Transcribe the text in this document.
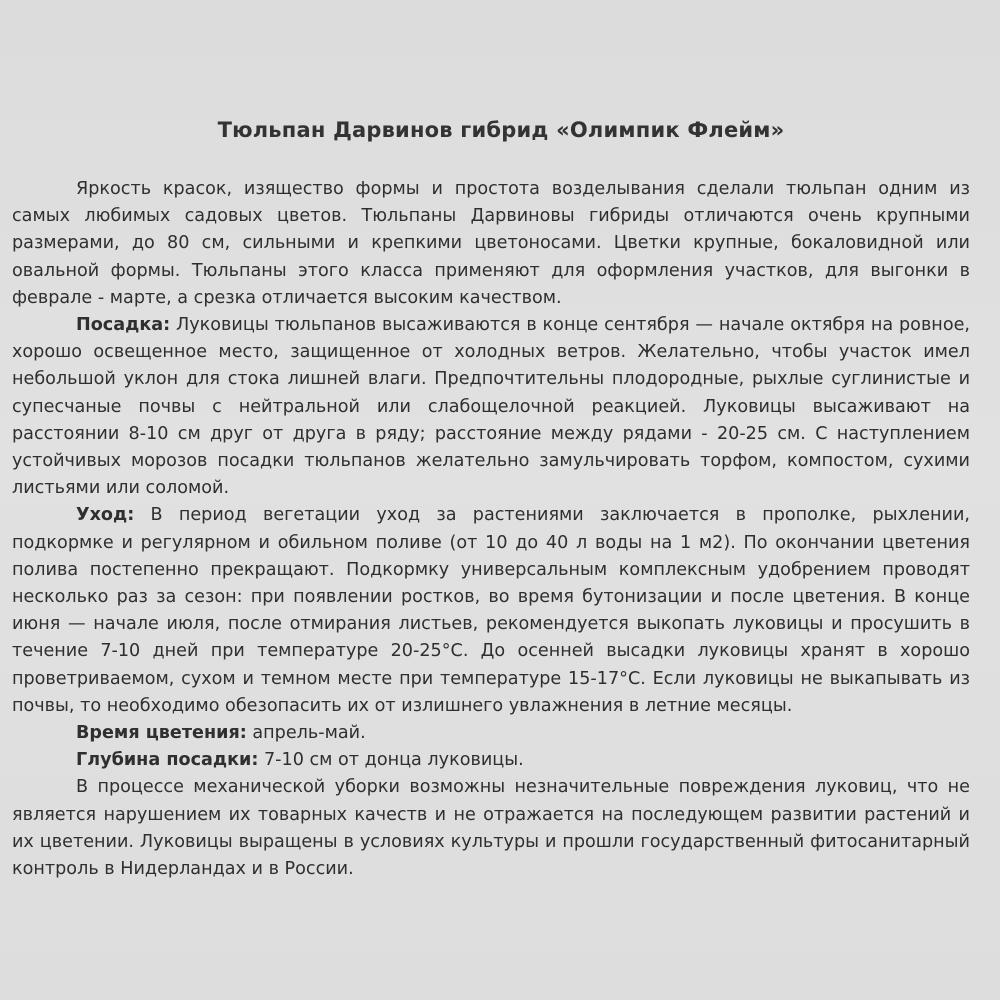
Тюльпан Дарвинов гибрид «Олимпик Флейм»

Яркость красок, изящество формы и простота возделывания сделали тюльпан одним из самых любимых садовых цветов. Тюльпаны Дарвиновы гибриды отличаются очень крупными размерами, до 80 см, сильными и крепкими цветоносами. Цветки крупные, бокаловидной или овальной формы. Тюльпаны этого класса применяют для оформления участков, для выгонки в феврале - марте, а срезка отличается высоким качеством.

Посадка: Луковицы тюльпанов высаживаются в конце сентября — начале октября на ровное, хорошо освещенное место, защищенное от холодных ветров. Желательно, чтобы участок имел небольшой уклон для стока лишней влаги. Предпочтительны плодородные, рыхлые суглинистые и супесчаные почвы с нейтральной или слабощелочной реакцией. Луковицы высаживают на расстоянии 8-10 см друг от друга в ряду; расстояние между рядами - 20-25 см. С наступлением устойчивых морозов посадки тюльпанов желательно замульчировать торфом, компостом, сухими листьями или соломой.

Уход: В период вегетации уход за растениями заключается в прополке, рыхлении, подкормке и регулярном и обильном поливе (от 10 до 40 л воды на 1 м2). По окончании цветения полива постепенно прекращают. Подкормку универсальным комплексным удобрением проводят несколько раз за сезон: при появлении ростков, во время бутонизации и после цветения. В конце июня — начале июля, после отмирания листьев, рекомендуется выкопать луковицы и просушить в течение 7-10 дней при температуре 20-25°С. До осенней высадки луковицы хранят в хорошо проветриваемом, сухом и темном месте при температуре 15-17°С. Если луковицы не выкапывать из почвы, то необходимо обезопасить их от излишнего увлажнения в летние месяцы.

Время цветения: апрель-май.

Глубина посадки: 7-10 см от донца луковицы.

В процессе механической уборки возможны незначительные повреждения луковиц, что не является нарушением их товарных качеств и не отражается на последующем развитии растений и их цветении. Луковицы выращены в условиях культуры и прошли государственный фитосанитарный контроль в Нидерландах и в России.
